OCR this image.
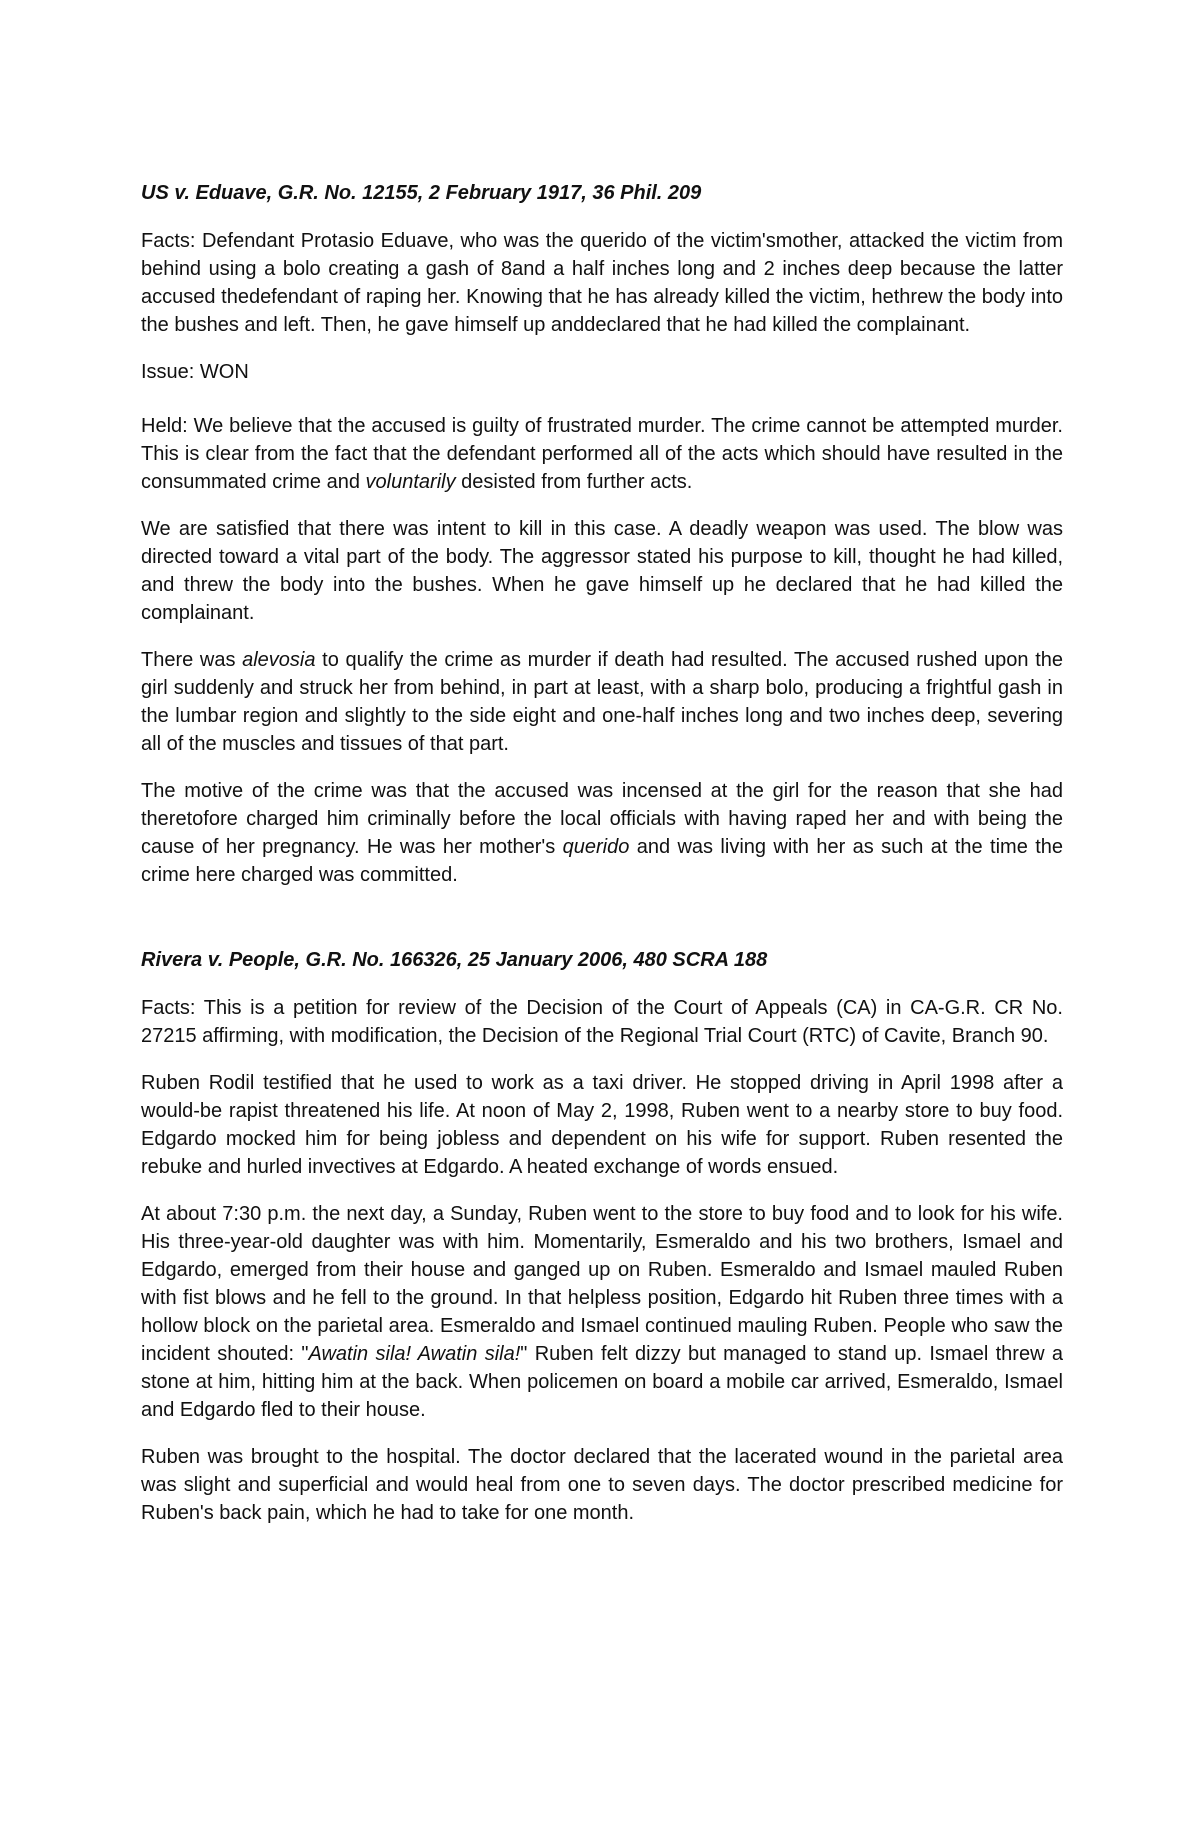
US v. Eduave, G.R. No. 12155, 2 February 1917, 36 Phil. 209

Facts: Defendant Protasio Eduave, who was the querido of the victim'smother, attacked the victim from behind using a bolo creating a gash of 8and a half inches long and 2 inches deep because the latter accused thedefendant of raping her. Knowing that he has already killed the victim, hethrew the body into the bushes and left. Then, he gave himself up anddeclared that he had killed the complainant.

Issue: WON

Held: We believe that the accused is guilty of frustrated murder. The crime cannot be attempted murder. This is clear from the fact that the defendant performed all of the acts which should have resulted in the consummated crime and voluntarily desisted from further acts.

We are satisfied that there was intent to kill in this case. A deadly weapon was used. The blow was directed toward a vital part of the body. The aggressor stated his purpose to kill, thought he had killed, and threw the body into the bushes. When he gave himself up he declared that he had killed the complainant.

There was alevosia to qualify the crime as murder if death had resulted. The accused rushed upon the girl suddenly and struck her from behind, in part at least, with a sharp bolo, producing a frightful gash in the lumbar region and slightly to the side eight and one-half inches long and two inches deep, severing all of the muscles and tissues of that part.

The motive of the crime was that the accused was incensed at the girl for the reason that she had theretofore charged him criminally before the local officials with having raped her and with being the cause of her pregnancy. He was her mother's querido and was living with her as such at the time the crime here charged was committed.

Rivera v. People, G.R. No. 166326, 25 January 2006, 480 SCRA 188

Facts: This is a petition for review of the Decision of the Court of Appeals (CA) in CA-G.R. CR No. 27215 affirming, with modification, the Decision of the Regional Trial Court (RTC) of Cavite, Branch 90.

Ruben Rodil testified that he used to work as a taxi driver. He stopped driving in April 1998 after a would-be rapist threatened his life. At noon of May 2, 1998, Ruben went to a nearby store to buy food. Edgardo mocked him for being jobless and dependent on his wife for support. Ruben resented the rebuke and hurled invectives at Edgardo. A heated exchange of words ensued.

At about 7:30 p.m. the next day, a Sunday, Ruben went to the store to buy food and to look for his wife. His three-year-old daughter was with him. Momentarily, Esmeraldo and his two brothers, Ismael and Edgardo, emerged from their house and ganged up on Ruben. Esmeraldo and Ismael mauled Ruben with fist blows and he fell to the ground. In that helpless position, Edgardo hit Ruben three times with a hollow block on the parietal area. Esmeraldo and Ismael continued mauling Ruben. People who saw the incident shouted: "Awatin sila! Awatin sila!" Ruben felt dizzy but managed to stand up. Ismael threw a stone at him, hitting him at the back. When policemen on board a mobile car arrived, Esmeraldo, Ismael and Edgardo fled to their house.

Ruben was brought to the hospital. The doctor declared that the lacerated wound in the parietal area was slight and superficial and would heal from one to seven days. The doctor prescribed medicine for Ruben's back pain, which he had to take for one month.
